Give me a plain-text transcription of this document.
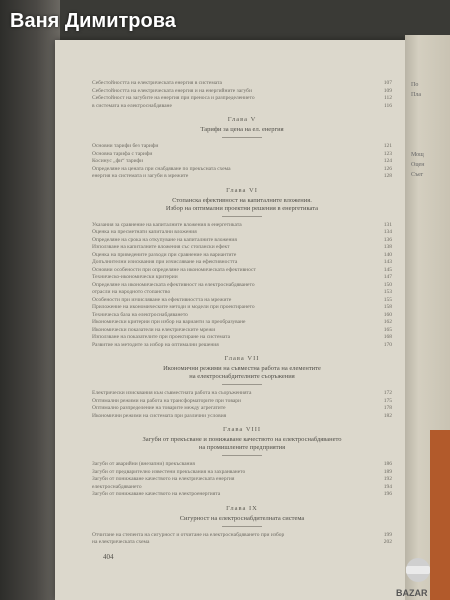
По
Пла
Мощ
Оцен
Съег
Ваня Димитрова
Себестойността на електрическата енергия в системата	107
Себестойността на електрическата енергия и на енергийните загуби	109
Себестойност на загубите на енергия при преноса и разпределението	112
в системата на електроснабдяване	116
Глава V
Тарифи за цена на ел. енергия
Основни тарифи без тарифи	121
Основна тарифа с тарифи	123
Косинус „фи“ тарифи	124
Определяне на цената при снабдяване по прекъсната схема	126
енергия на системата и загуби в мрежите	128
Глава VI
Стопанска ефективност на капиталните вложения.
Избор на оптимални проектни решения в енергетиката
Указания за сравнение на капиталните вложения в енергетиката	131
Оценка на пресметнати капитални вложения	134
Определяне на срока на откупуване на капиталните вложения	136
Използване на капиталните вложения със стопански ефект	138
Оценка на приведените разходи при сравнение на вариантите	140
Допълнителни изисквания при изчисляване на ефективността	143
Основни особености при определяне на икономическата ефективност	145
Техническо-икономически критерии	147
Определяне на икономическата ефективност на електроснабдяването	150
отрасли на народното стопанство	153
Особености при изчисляване на ефективността на мрежите	155
Приложение на икономическите методи и модели при проектирането	158
Техническа база на електроснабдяването	160
Икономически критерии при избор на варианти за преобразуване	162
Икономически показатели на електрическите мрежи	165
Използване на показателите при проектиране на системата	168
Развитие на методите за избор на оптимални решения	170
Глава VII
Икономични режими на съвместна работа на елементите
на електроснабдителните съоръжения
Електрически изисквания към съвместната работа на съоръженията	172
Оптимални режими на работа на трансформаторите при товари	175
Оптимално разпределение на товарите между агрегатите	178
Икономични режими на системата при различни условия	182
Глава VIII
Загуби от прекъсване и понижаване качеството на електроснабдяването
на промишлените предприятия
Загуби от аварийни (внезапни) прекъсвания	186
Загуби от предварително известени прекъсвания на захранването	189
Загуби от понижаване качеството на електрическата енергия	192
електроснабдяването	194
Загуби от понижаване качеството на електроенергията	196
Глава IX
Сигурност на електроснабдителната система
Отчитане на степента на сигурност и отчитане на електроснабдяването при избор	199
на електрическата схема	202
404
BAZAR
